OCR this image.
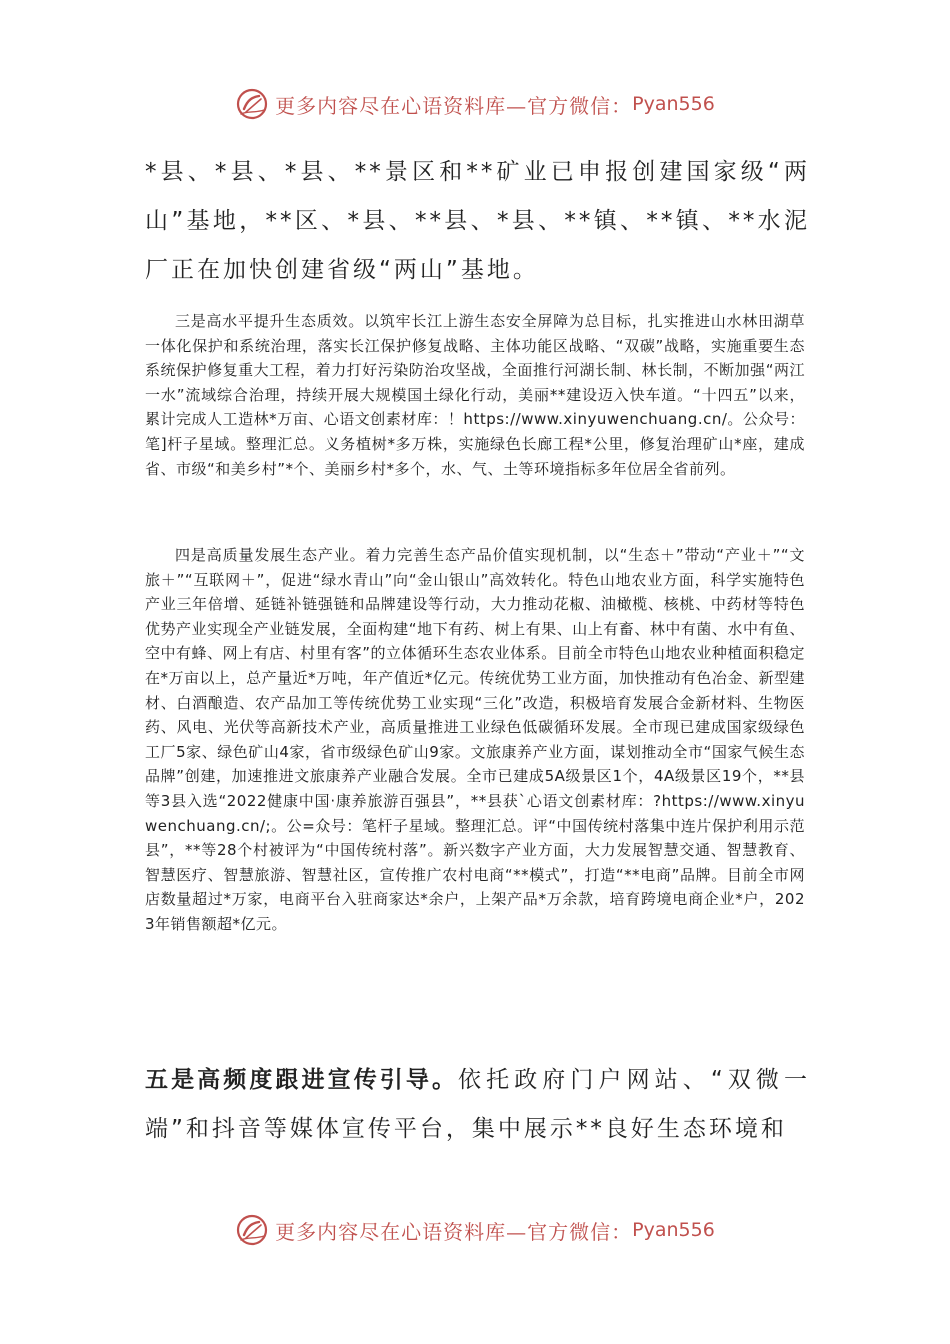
更多内容尽在心语资料库—官方微信： Pyan556

*县、*县、*县、**景区和**矿业已申报创建国家级“两山”基地，**区、*县、**县、*县、**镇、**镇、**水泥厂正在加快创建省级“两山”基地。

三是高水平提升生态质效。以筑牢长江上游生态安全屏障为总目标，扎实推进山水林田湖草一体化保护和系统治理，落实长江保护修复战略、主体功能区战略、“双碳”战略，实施重要生态系统保护修复重大工程，着力打好污染防治攻坚战，全面推行河湖长制、林长制，不断加强“两江一水”流域综合治理，持续开展大规模国土绿化行动，美丽**建设迈入快车道。“十四五”以来，累计完成人工造林*万亩、心语文创素材库：！https://www.xinyuwenchuang.cn/。公众号：笔]杆子星域。整理汇总。义务植树*多万株，实施绿色长廊工程*公里，修复治理矿山*座，建成省、市级“和美乡村”*个、美丽乡村*多个，水、气、土等环境指标多年位居全省前列。

四是高质量发展生态产业。着力完善生态产品价值实现机制，以“生态＋”带动“产业＋”“文旅＋”“互联网＋”，促进“绿水青山”向“金山银山”高效转化。特色山地农业方面，科学实施特色产业三年倍增、延链补链强链和品牌建设等行动，大力推动花椒、油橄榄、核桃、中药材等特色优势产业实现全产业链发展，全面构建“地下有药、树上有果、山上有畜、林中有菌、水中有鱼、空中有蜂、网上有店、村里有客”的立体循环生态农业体系。目前全市特色山地农业种植面积稳定在*万亩以上，总产量近*万吨，年产值近*亿元。传统优势工业方面，加快推动有色冶金、新型建材、白酒酿造、农产品加工等传统优势工业实现“三化”改造，积极培育发展合金新材料、生物医药、风电、光伏等高新技术产业，高质量推进工业绿色低碳循环发展。全市现已建成国家级绿色工厂5家、绿色矿山4家，省市级绿色矿山9家。文旅康养产业方面，谋划推动全市“国家气候生态品牌”创建，加速推进文旅康养产业融合发展。全市已建成5A级景区1个，4A级景区19个，**县等3县入选“2022健康中国·康养旅游百强县”，**县获`心语文创素材库：?https://www.xinyuwenchuang.cn/;。公=众号：笔杆子星域。整理汇总。评“中国传统村落集中连片保护利用示范县”，**等28个村被评为“中国传统村落”。新兴数字产业方面，大力发展智慧交通、智慧教育、智慧医疗、智慧旅游、智慧社区，宣传推广农村电商“**模式”，打造“**电商”品牌。目前全市网店数量超过*万家，电商平台入驻商家达*余户，上架产品*万余款，培育跨境电商企业*户，2023年销售额超*亿元。

五是高频度跟进宣传引导。依托政府门户网站、“双微一端”和抖音等媒体宣传平台，集中展示**良好生态环境和

更多内容尽在心语资料库—官方微信： Pyan556
